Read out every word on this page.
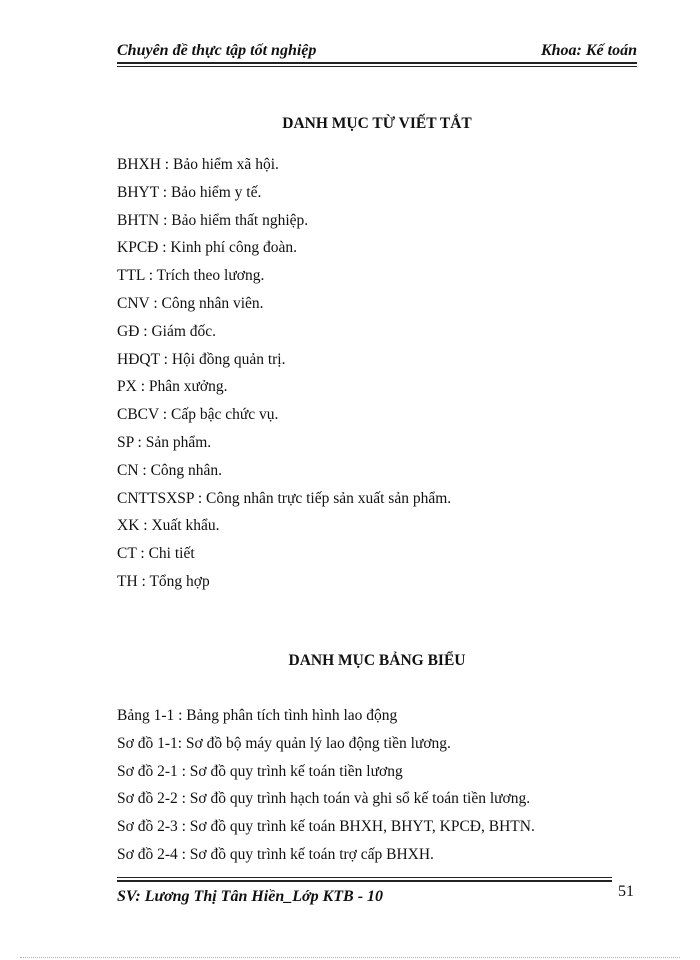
Chuyên đề thực tập tốt nghiệp	Khoa: Kế toán
DANH MỤC TỪ VIẾT TẮT
BHXH : Bảo hiểm xã hội.
BHYT : Bảo hiểm y tế.
BHTN : Bảo hiểm thất nghiệp.
KPCĐ : Kinh phí công đoàn.
TTL : Trích theo lương.
CNV : Công nhân viên.
GĐ : Giám đốc.
HĐQT : Hội đồng quản trị.
PX : Phân xưởng.
CBCV : Cấp bậc chức vụ.
SP : Sản phẩm.
CN : Công nhân.
CNTTSXSP : Công nhân trực tiếp sản xuất sản phẩm.
XK : Xuất khẩu.
CT : Chi tiết
TH : Tổng hợp
DANH MỤC BẢNG BIỂU
Bảng 1-1 : Bảng phân tích tình hình lao động
Sơ đồ 1-1: Sơ đồ bộ máy quản lý lao động tiền lương.
Sơ đồ 2-1 : Sơ đồ quy trình kế toán tiền lương
Sơ đồ 2-2 : Sơ đồ quy trình hạch toán và ghi sổ kế toán tiền lương.
Sơ đồ 2-3 : Sơ đồ quy trình kế toán BHXH, BHYT, KPCĐ, BHTN.
Sơ đồ 2-4 : Sơ đồ quy trình kế toán trợ cấp BHXH.
SV: Lương Thị Tân Hiền_Lớp KTB - 10	51
